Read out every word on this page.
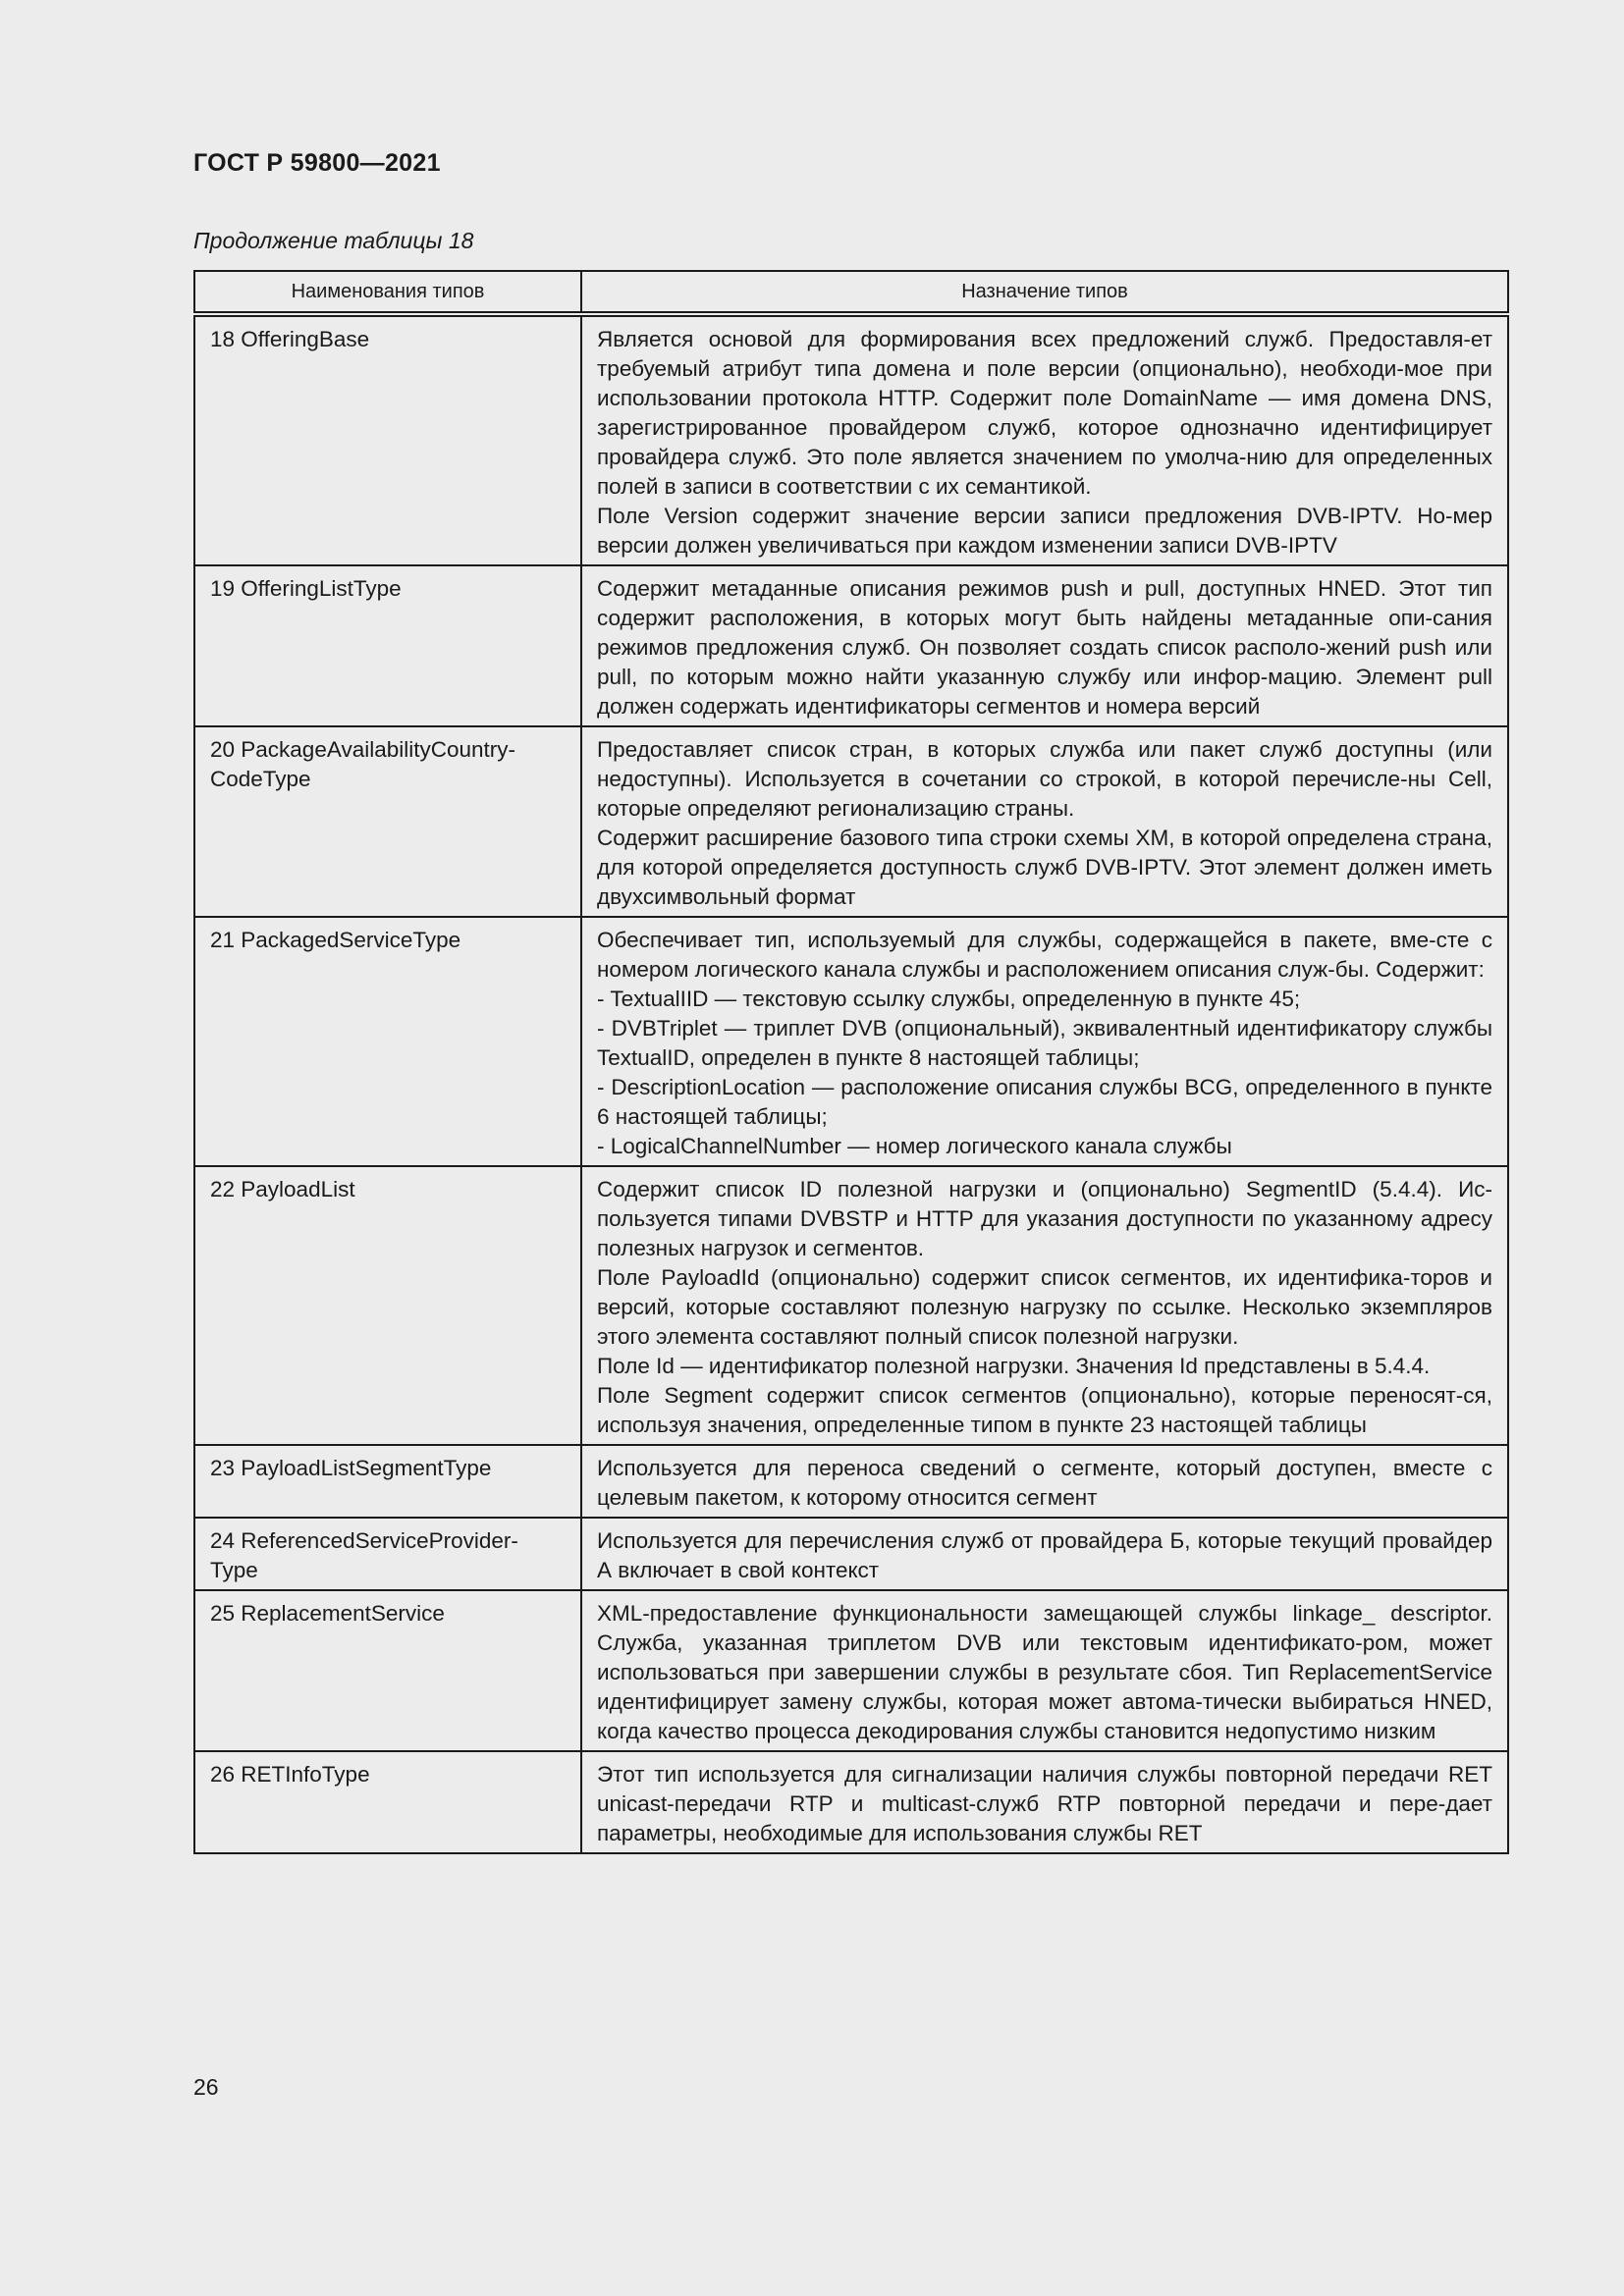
ГОСТ Р 59800—2021
Продолжение таблицы 18
Наименования типов	Назначение типов
18 OfferingBase	Является основой для формирования всех предложений служб. Предоставля-ет требуемый атрибут типа домена и поле версии (опционально), необходи-мое при использовании протокола HTTP. Содержит поле DomainName — имя домена DNS, зарегистрированное провайдером служб, которое однозначно идентифицирует провайдера служб. Это поле является значением по умолча-нию для определенных полей в записи в соответствии с их семантикой.
Поле Version содержит значение версии записи предложения DVB-IPTV. Но-мер версии должен увеличиваться при каждом изменении записи DVB-IPTV

19 OfferingListType	Содержит метаданные описания режимов push и pull, доступных HNED. Этот тип содержит расположения, в которых могут быть найдены метаданные опи-сания режимов предложения служб. Он позволяет создать список располо-жений push или pull, по которым можно найти указанную службу или инфор-мацию. Элемент pull должен содержать идентификаторы сегментов и номера версий

20 PackageAvailabilityCountry-CodeType	Предоставляет список стран, в которых служба или пакет служб доступны (или недоступны). Используется в сочетании со строкой, в которой перечисле-ны Cell, которые определяют регионализацию страны.
Содержит расширение базового типа строки схемы XM, в которой определена страна, для которой определяется доступность служб DVB-IPTV. Этот элемент должен иметь двухсимвольный формат

21 PackagedServiceType	Обеспечивает тип, используемый для службы, содержащейся в пакете, вме-сте с номером логического канала службы и расположением описания служ-бы. Содержит:
- TextualIID — текстовую ссылку службы, определенную в пункте 45;
- DVBTriplet — триплет DVB (опциональный), эквивалентный идентификатору службы TextualID, определен в пункте 8 настоящей таблицы;
- DescriptionLocation — расположение описания службы BCG, определенного в пункте 6 настоящей таблицы;
- LogicalChannelNumber — номер логического канала службы

22 PayloadList	Содержит список ID полезной нагрузки и (опционально) SegmentID (5.4.4). Ис-пользуется типами DVBSTP и HTTP для указания доступности по указанному адресу полезных нагрузок и сегментов.
Поле PayloadId (опционально) содержит список сегментов, их идентифика-торов и версий, которые составляют полезную нагрузку по ссылке. Несколько экземпляров этого элемента составляют полный список полезной нагрузки.
Поле Id — идентификатор полезной нагрузки. Значения Id представлены в 5.4.4.
Поле Segment содержит список сегментов (опционально), которые переносят-ся, используя значения, определенные типом в пункте 23 настоящей таблицы

23 PayloadListSegmentType	Используется для переноса сведений о сегменте, который доступен, вместе с целевым пакетом, к которому относится сегмент

24 ReferencedServiceProvider-Type	Используется для перечисления служб от провайдера Б, которые текущий провайдер А включает в свой контекст

25 ReplacementService	XML-предоставление функциональности замещающей службы linkage_ descriptor. Служба, указанная триплетом DVB или текстовым идентификато-ром, может использоваться при завершении службы в результате сбоя. Тип ReplacementService идентифицирует замену службы, которая может автома-тически выбираться HNED, когда качество процесса декодирования службы становится недопустимо низким

26 RETInfoType	Этот тип используется для сигнализации наличия службы повторной передачи RET unicast-передачи RTP и multicast-служб RTP повторной передачи и пере-дает параметры, необходимые для использования службы RET
26
